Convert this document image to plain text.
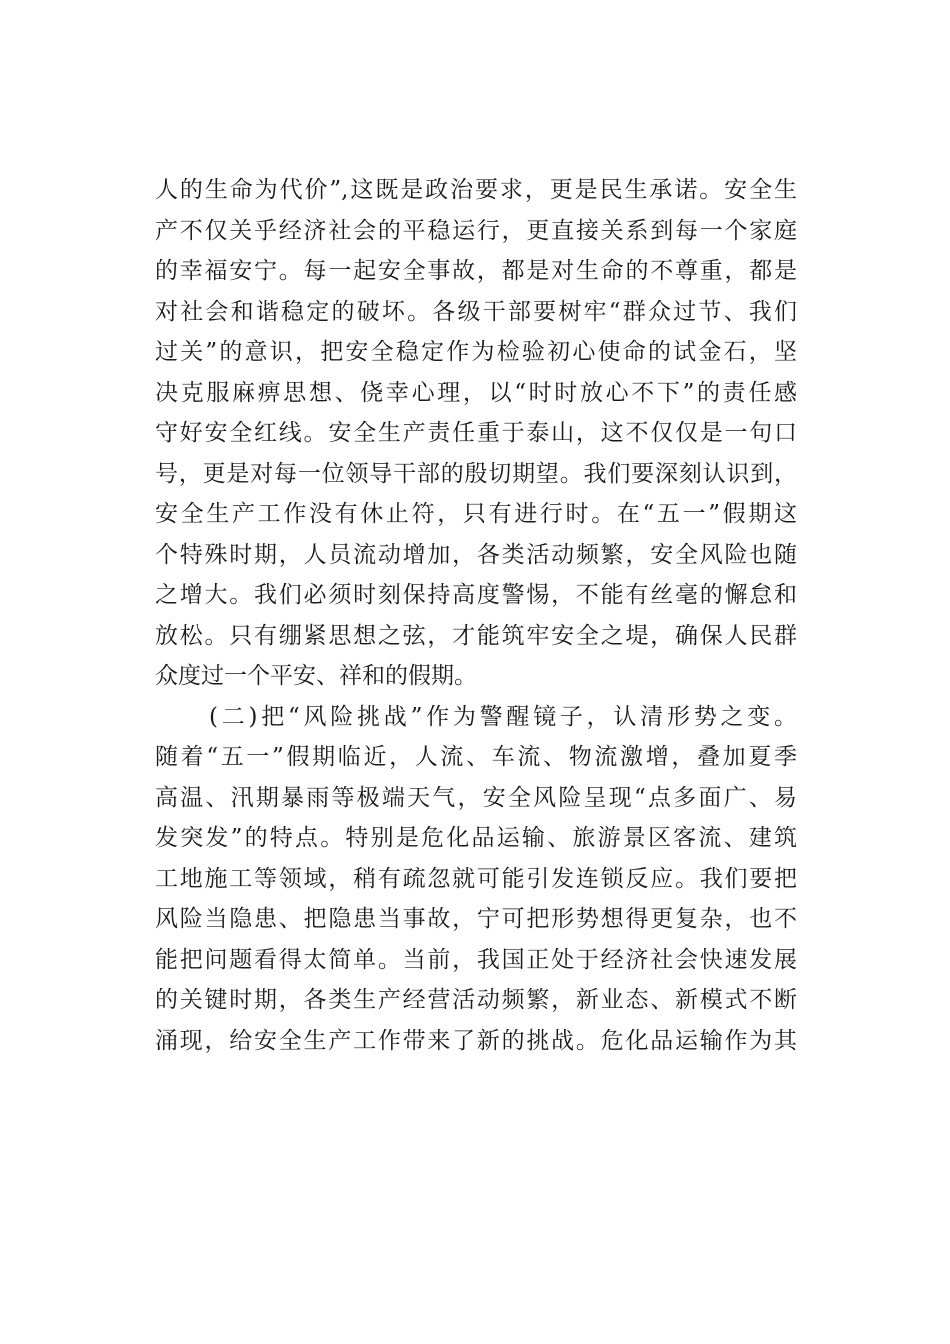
人的生命为代价”,这既是政治要求，更是民生承诺。安全生
产不仅关乎经济社会的平稳运行，更直接关系到每一个家庭
的幸福安宁。每一起安全事故，都是对生命的不尊重，都是
对社会和谐稳定的破坏。各级干部要树牢“群众过节、我们
过关”的意识，把安全稳定作为检验初心使命的试金石，坚
决克服麻痹思想、侥幸心理，以“时时放心不下”的责任感
守好安全红线。安全生产责任重于泰山，这不仅仅是一句口
号，更是对每一位领导干部的殷切期望。我们要深刻认识到，
安全生产工作没有休止符，只有进行时。在“五一”假期这
个特殊时期，人员流动增加，各类活动频繁，安全风险也随
之增大。我们必须时刻保持高度警惕，不能有丝毫的懈怠和
放松。只有绷紧思想之弦，才能筑牢安全之堤，确保人民群
众度过一个平安、祥和的假期。
(二)把“风险挑战”作为警醒镜子，认清形势之变。
随着“五一”假期临近，人流、车流、物流激增，叠加夏季
高温、汛期暴雨等极端天气，安全风险呈现“点多面广、易
发突发”的特点。特别是危化品运输、旅游景区客流、建筑
工地施工等领域，稍有疏忽就可能引发连锁反应。我们要把
风险当隐患、把隐患当事故，宁可把形势想得更复杂，也不
能把问题看得太简单。当前，我国正处于经济社会快速发展
的关键时期，各类生产经营活动频繁，新业态、新模式不断
涌现，给安全生产工作带来了新的挑战。危化品运输作为其
